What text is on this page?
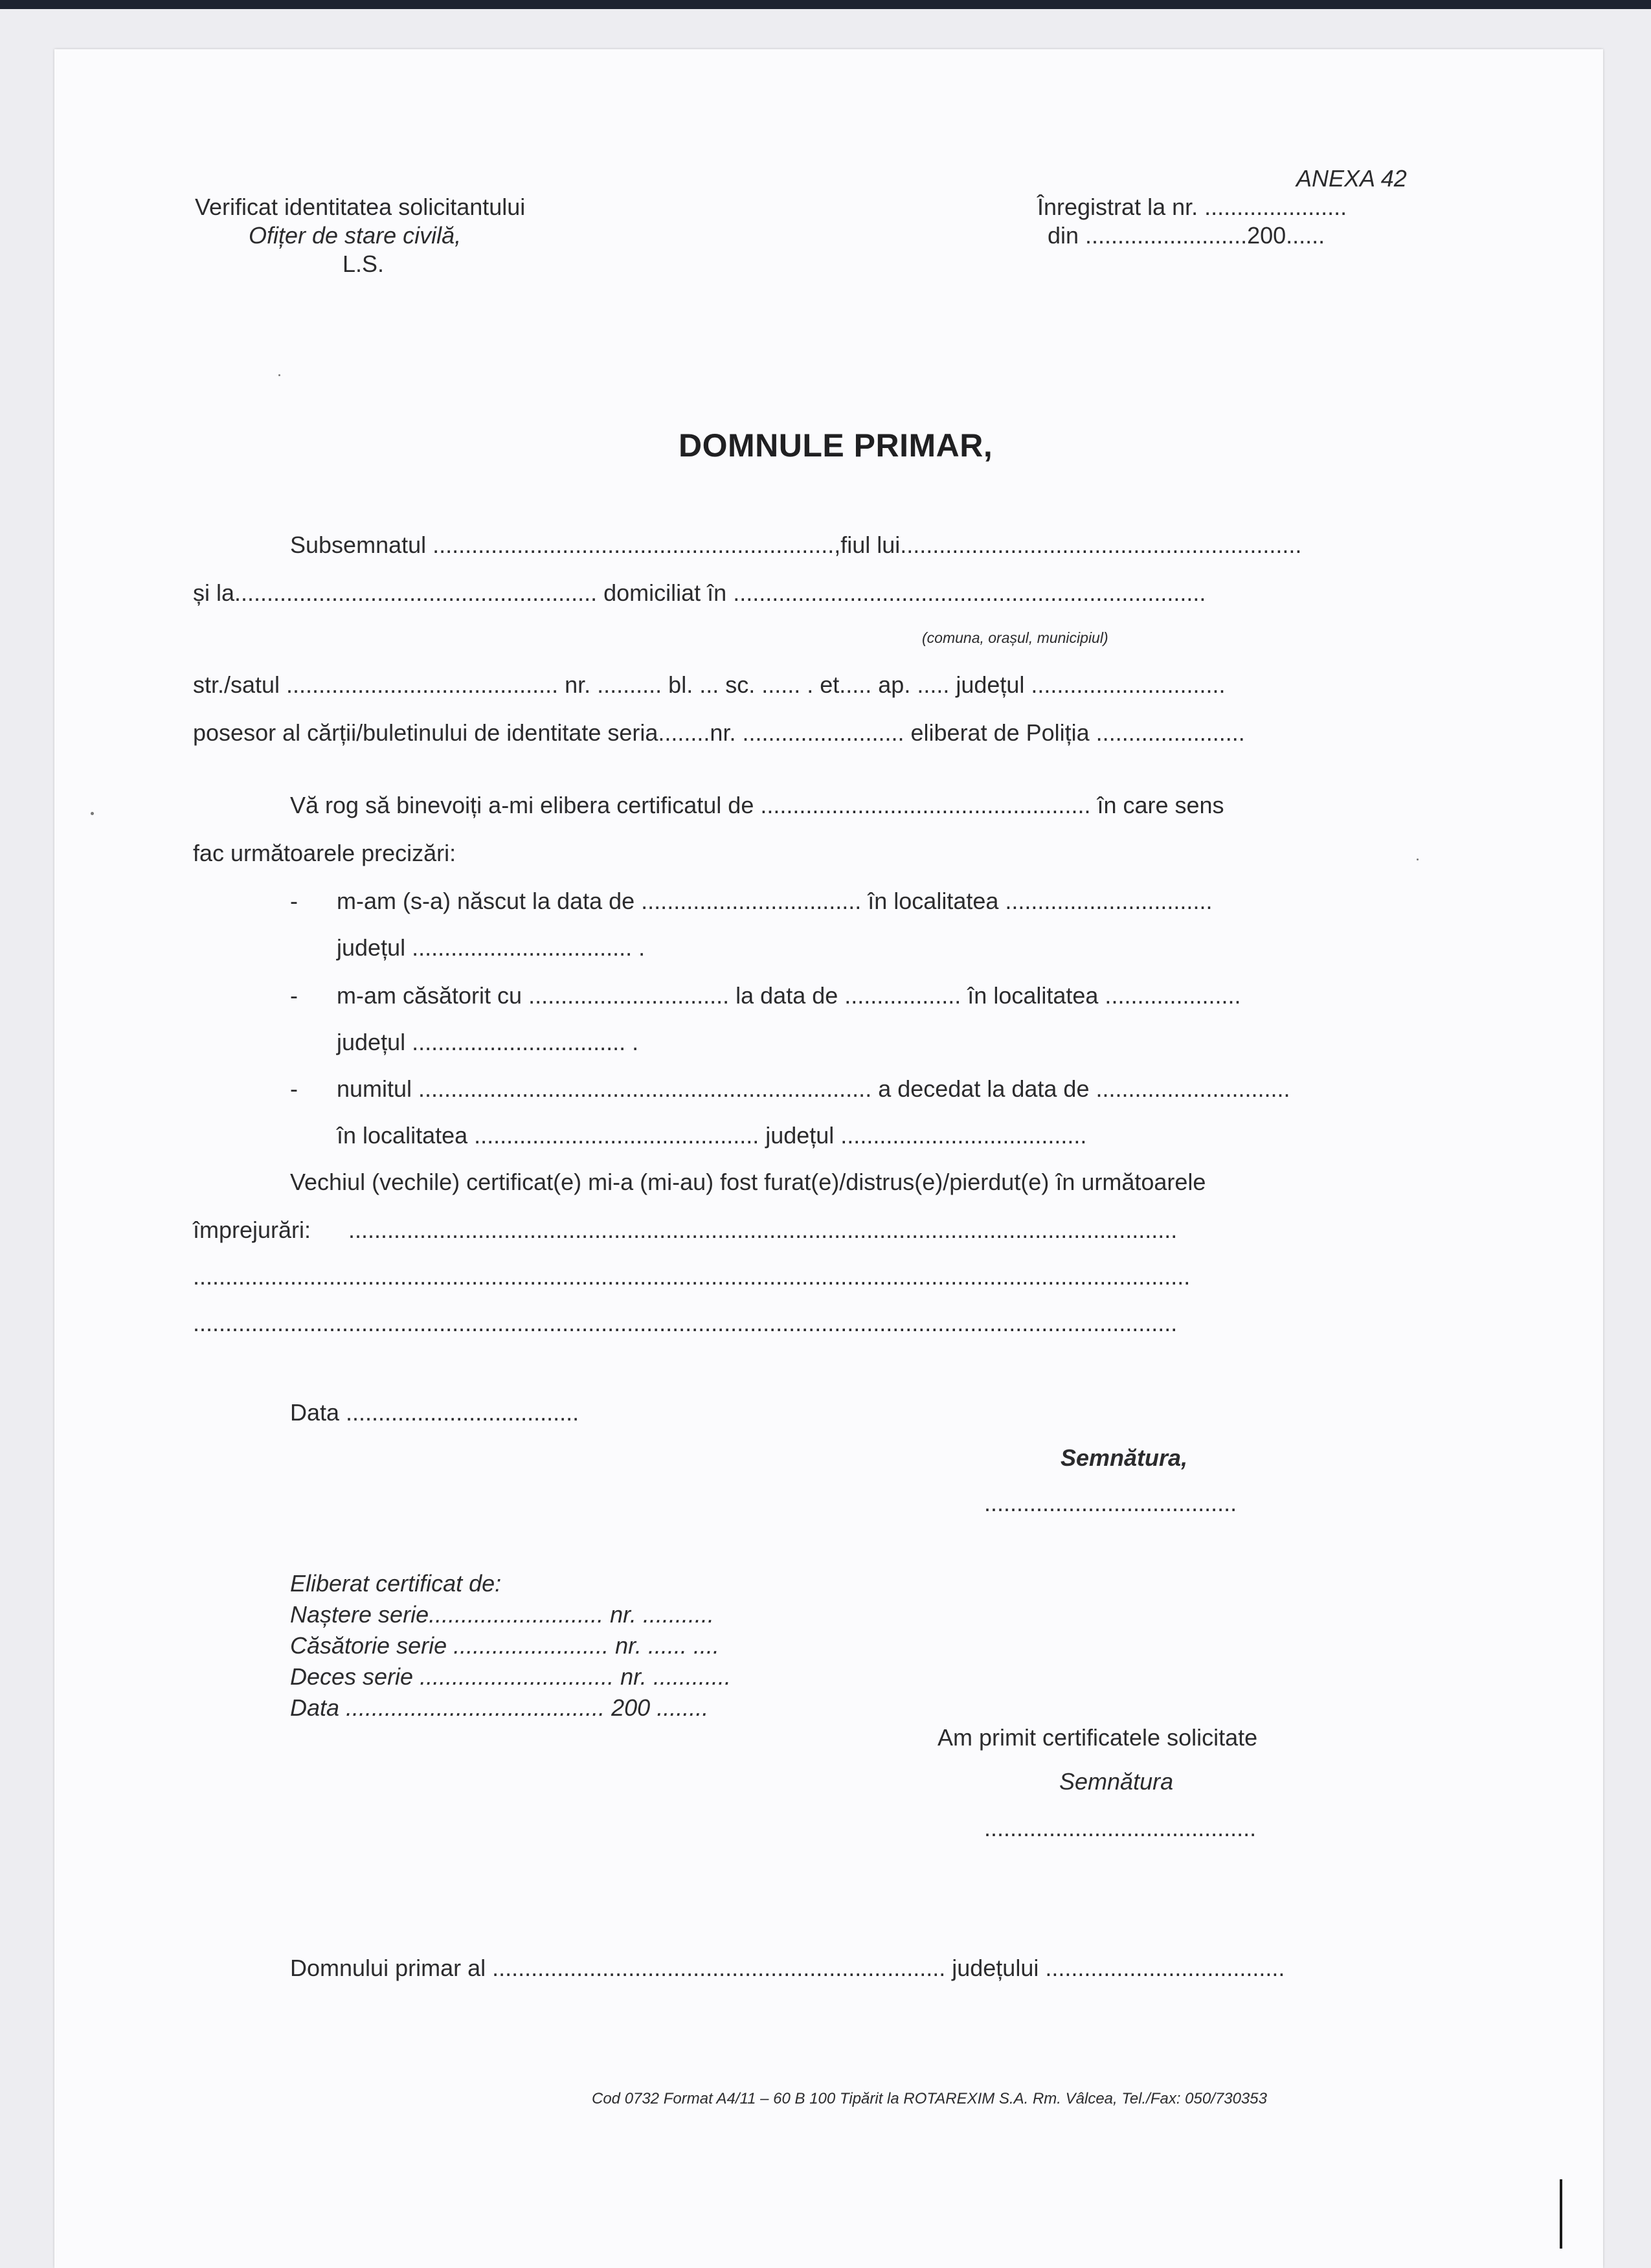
ANEXA 42
Verificat identitatea solicitantului
Ofițer de stare civilă,
L.S.
Înregistrat la nr. ......................
din .........................200......
DOMNULE PRIMAR,
Subsemnatul ..............................................................,fiul lui..............................................................
și la........................................................ domiciliat în .........................................................................
(comuna, orașul, municipiul)
str./satul .......................................... nr. .......... bl. ... sc. ...... . et..... ap. ..... județul ..............................
posesor al cărții/buletinului de identitate seria........nr. ......................... eliberat de Poliția .......................
Vă rog să binevoiți a-mi elibera certificatul de ................................................... în care sens
fac următoarele precizări:
- m-am (s-a) născut la data de .................................. în localitatea ................................
județul .................................. .
- m-am căsătorit cu ............................... la data de .................. în localitatea .....................
județul ................................. .
- numitul ...................................................................... a decedat la data de ..............................
în localitatea ............................................ județul ......................................
Vechiul (vechile) certificat(e) mi-a (mi-au) fost furat(e)/distrus(e)/pierdut(e) în următoarele
împrejurări: ................................................................................................................................
..........................................................................................................................................................
........................................................................................................................................................
Data ....................................
Semnătura,
.......................................
Eliberat certificat de:
Naștere serie........................... nr. ...........
Căsătorie serie ........................ nr. ...... ....
Deces serie .............................. nr. ............
Data ........................................ 200 ........
Am primit certificatele solicitate
Semnătura
..........................................
Domnului primar al ...................................................................... județului .....................................
Cod 0732 Format A4/11 – 60 B 100 Tipărit la ROTAREXIM S.A. Rm. Vâlcea, Tel./Fax: 050/730353
